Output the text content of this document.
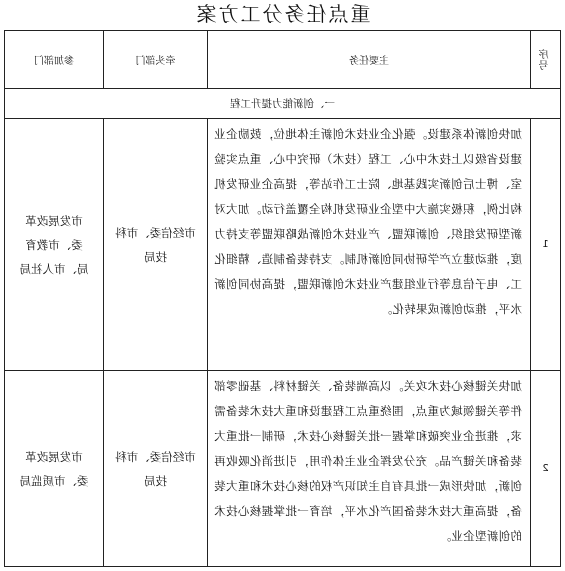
重点任务分工方案
序号
主要任务
牵头部门
参加部门
一、创新能力提升工程
1
加快创新体系建设。强化企业技术创新主体地位，鼓励企业建设省级以上技术中心、工程（技术）研究中心、重点实验室、博士后创新实践基地、院士工作站等，提高企业研发机构比例，积极实施大中型企业研发机构全覆盖行动。加大对新型研发组织、创新联盟、产业技术创新战略联盟等支持力度，推动建立产学研协同创新机制。支持装备制造、精细化工、电子信息等行业组建产业技术创新联盟，提高协同创新水平，推动创新成果转化。
市经信委、市科技局
市发展改革委、市教育局、市人社局
2
加快关键核心技术攻关。以高端装备、关键材料、基础零部件等关键领域为重点，围绕重点工程建设和重大技术装备需求，推进企业突破和掌握一批关键核心技术，研制一批重大装备和关键产品。充分发挥企业主体作用，引进消化吸收再创新，加快形成一批具有自主知识产权的核心技术和重大装备，提高重大技术装备国产化水平，培育一批掌握核心技术的创新型企业。
市经信委、市科技局
市发展改革委、市质监局
